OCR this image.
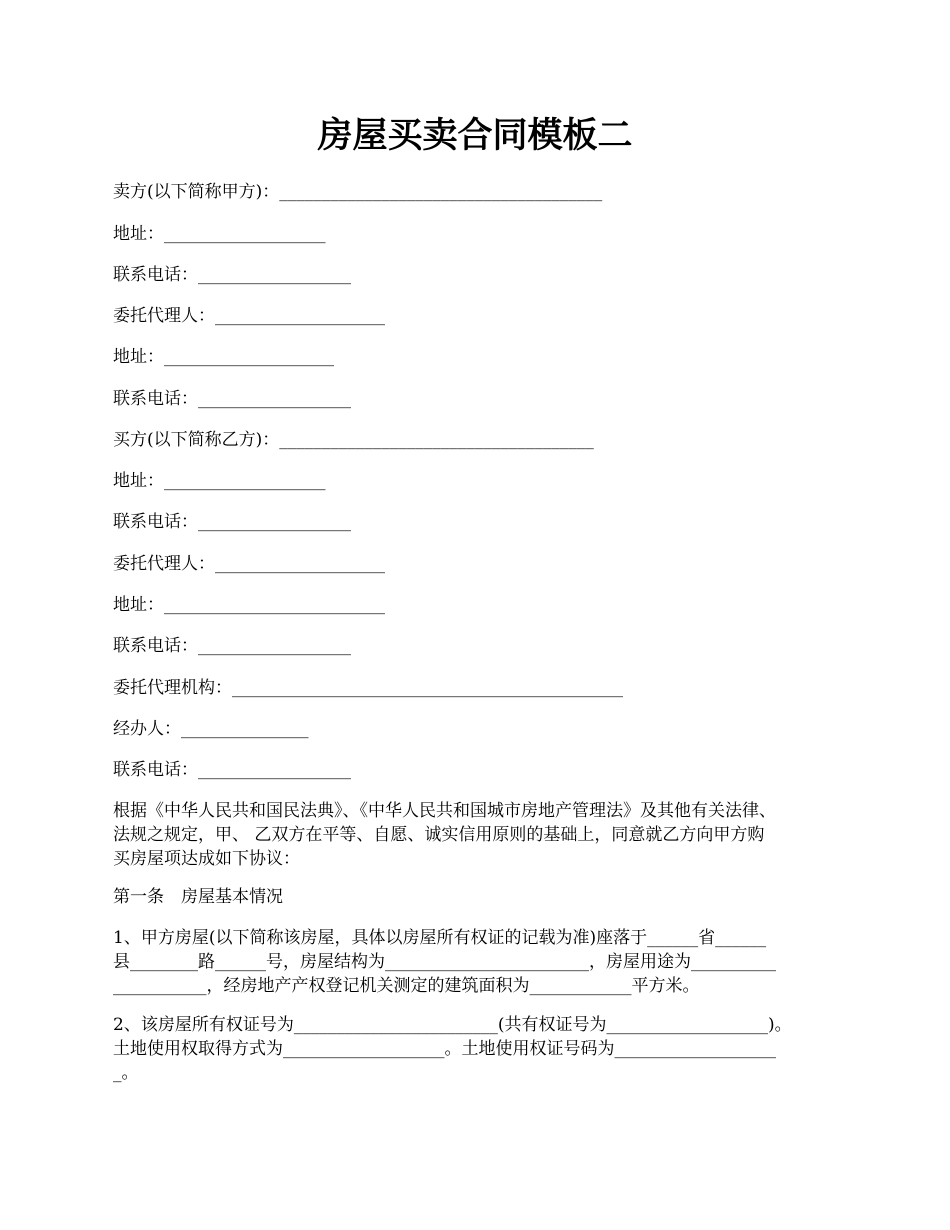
房屋买卖合同模板二

卖方(以下简称甲方)：______________________________________

地址：___________________

联系电话：__________________

委托代理人：____________________

地址：____________________

联系电话：__________________

买方(以下简称乙方)：_____________________________________

地址：___________________

联系电话：__________________

委托代理人：____________________

地址：__________________________

联系电话：__________________

委托代理机构：______________________________________________

经办人：_______________

联系电话：__________________

根据《中华人民共和国民法典》、《中华人民共和国城市房地产管理法》及其他有关法律、
法规之规定，甲、 乙双方在平等、自愿、诚实信用原则的基础上，同意就乙方向甲方购
买房屋项达成如下协议：

第一条　房屋基本情况

1、甲方房屋(以下简称该房屋，具体以房屋所有权证的记载为准)座落于______省______
县________路______号，房屋结构为________________________，房屋用途为__________
___________，经房地产产权登记机关测定的建筑面积为____________平方米。

2、该房屋所有权证号为________________________(共有权证号为___________________)。
土地使用权取得方式为___________________。土地使用权证号码为___________________
_。
